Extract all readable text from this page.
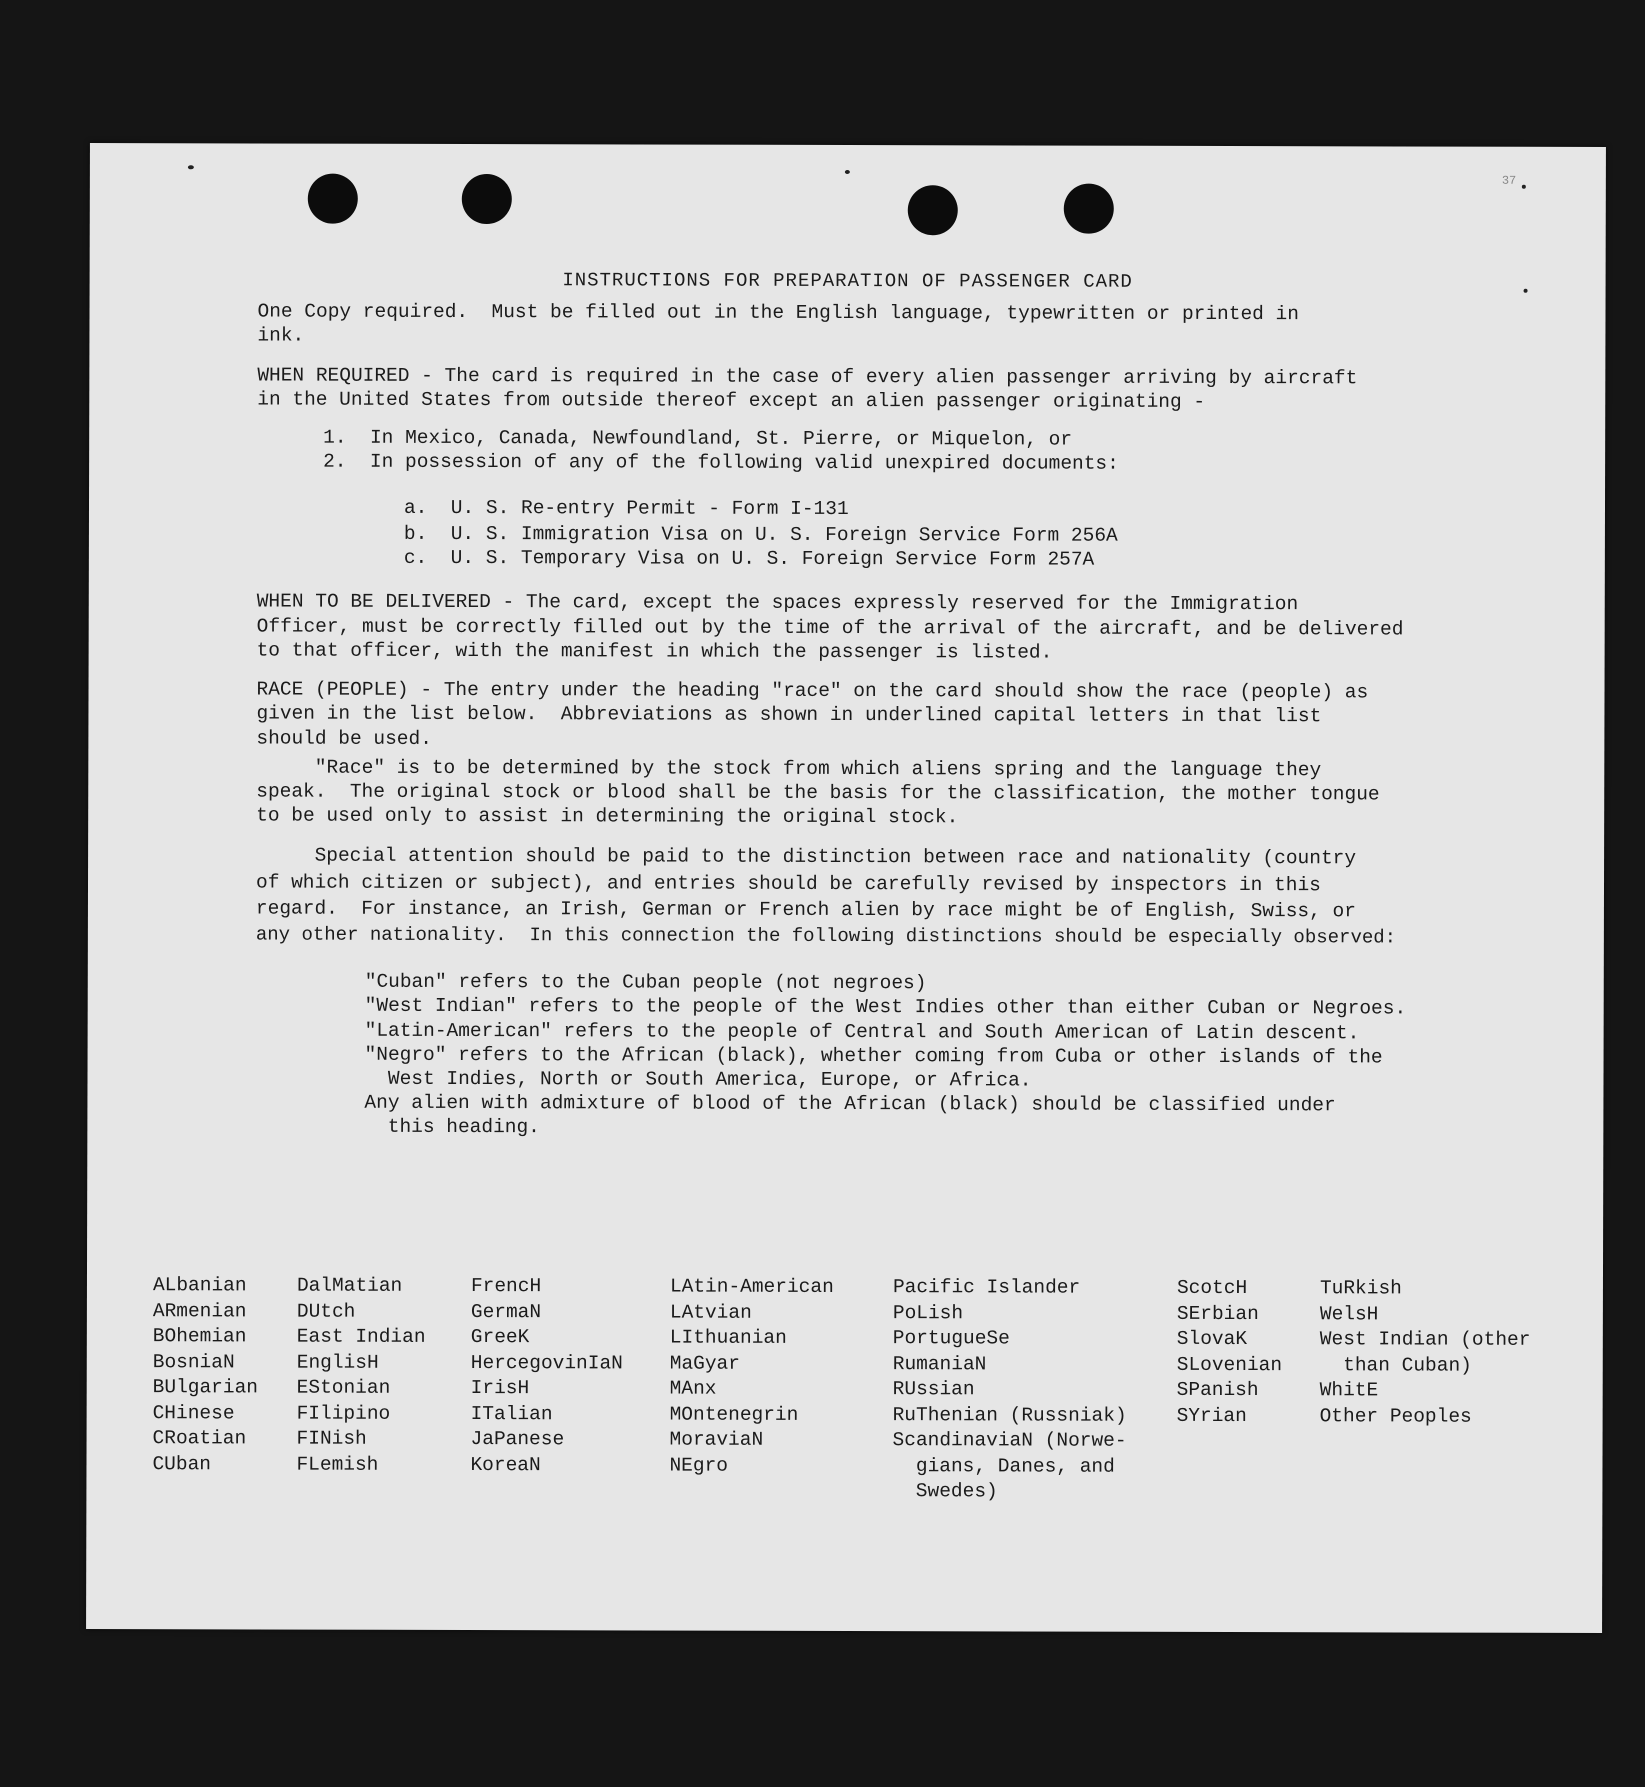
37
INSTRUCTIONS FOR PREPARATION OF PASSENGER CARD
One Copy required.  Must be filled out in the English language, typewritten or printed in
ink.
WHEN REQUIRED - The card is required in the case of every alien passenger arriving by aircraft
in the United States from outside thereof except an alien passenger originating -
1.  In Mexico, Canada, Newfoundland, St. Pierre, or Miquelon, or
2.  In possession of any of the following valid unexpired documents:
a.  U. S. Re-entry Permit - Form I-131
b.  U. S. Immigration Visa on U. S. Foreign Service Form 256A
c.  U. S. Temporary Visa on U. S. Foreign Service Form 257A
WHEN TO BE DELIVERED - The card, except the spaces expressly reserved for the Immigration
Officer, must be correctly filled out by the time of the arrival of the aircraft, and be delivered
to that officer, with the manifest in which the passenger is listed.
RACE (PEOPLE) - The entry under the heading "race" on the card should show the race (people) as
given in the list below.  Abbreviations as shown in underlined capital letters in that list
should be used.
"Race" is to be determined by the stock from which aliens spring and the language they
speak.  The original stock or blood shall be the basis for the classification, the mother tongue
to be used only to assist in determining the original stock.
Special attention should be paid to the distinction between race and nationality (country
of which citizen or subject), and entries should be carefully revised by inspectors in this
regard.  For instance, an Irish, German or French alien by race might be of English, Swiss, or
any other nationality.  In this connection the following distinctions should be especially observed:
"Cuban" refers to the Cuban people (not negroes)
"West Indian" refers to the people of the West Indies other than either Cuban or Negroes.
"Latin-American" refers to the people of Central and South American of Latin descent.
"Negro" refers to the African (black), whether coming from Cuba or other islands of the
West Indies, North or South America, Europe, or Africa.
Any alien with admixture of blood of the African (black) should be classified under
this heading.
ALbanian
ARmenian
BOhemian
BosniaN
BUlgarian
CHinese
CRoatian
CUban
DalMatian
DUtch
East Indian
EnglisH
EStonian
FIlipino
FINish
FLemish
FrencH
GermaN
GreeK
HercegovinIaN
IrisH
ITalian
JaPanese
KoreaN
LAtin-American
LAtvian
LIthuanian
MaGyar
MAnx
MOntenegrin
MoraviaN
NEgro
Pacific Islander
PoLish
PortugueSe
RumaniaN
RUssian
RuThenian (Russniak)
ScandinaviaN (Norwe-
gians, Danes, and
Swedes)
ScotcH
SErbian
SlovaK
SLovenian
SPanish
SYrian
TuRkish
WelsH
West Indian (other
than Cuban)
WhitE
Other Peoples
